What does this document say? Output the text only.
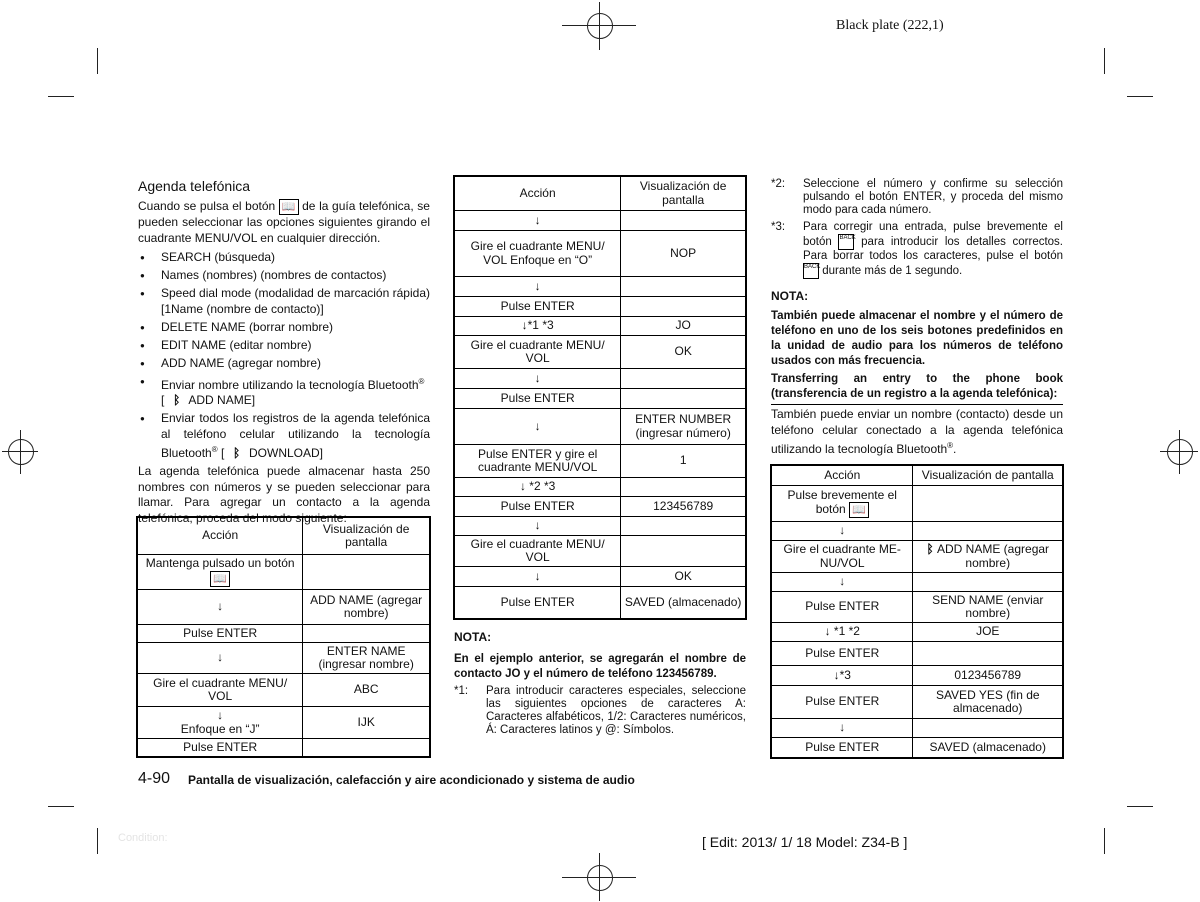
Black plate (222,1)
Agenda telefónica
Cuando se pulsa el botón 📖 de la guía telefónica, se pueden seleccionar las opciones siguientes girando el cuadrante MENU/VOL en cualquier dirección.
● SEARCH (búsqueda)
● Names (nombres) (nombres de contactos)
● Speed dial mode (modalidad de marcación rápida) [1Name (nombre de contacto)]
● DELETE NAME (borrar nombre)
● EDIT NAME (editar nombre)
● ADD NAME (agregar nombre)
● Enviar nombre utilizando la tecnología Bluetooth®
[ ᛒ ADD NAME]
● Enviar todos los registros de la agenda telefónica al teléfono celular utilizando la tecnología Bluetooth® [ ᛒ DOWNLOAD]
La agenda telefónica puede almacenar hasta 250 nombres con números y se pueden seleccionar para llamar. Para agregar un contacto a la agenda telefónica, proceda del modo siguiente:
Acción	Visualización de pantalla
Mantenga pulsado un botón
📖	
↓	ADD NAME (agregar nombre)
Pulse ENTER	
↓	ENTER NAME (ingresar nombre)
Gire el cuadrante MENU/ VOL	ABC
↓
Enfoque en “J”	IJK
Pulse ENTER	
Acción	Visualización de pantalla
↓	
Gire el cuadrante MENU/ VOL Enfoque en “O”	NOP
↓	
Pulse ENTER	
↓*1 *3	JO
Gire el cuadrante MENU/ VOL	OK
↓	
Pulse ENTER	
↓	ENTER NUMBER (ingresar número)
Pulse ENTER y gire el cuadrante MENU/VOL	1
↓ *2 *3	
Pulse ENTER	123456789
↓	
Gire el cuadrante MENU/ VOL	
↓	OK
Pulse ENTER	SAVED (almacenado)
NOTA:
En el ejemplo anterior, se agregarán el nombre de contacto JO y el número de teléfono 123456789.
*1:	Para introducir caracteres especiales, seleccione las siguientes opciones de caracteres A: Caracteres alfabéticos, 1/2: Caracteres numéricos, Á: Caracteres latinos y @: Símbolos.
*2:	Seleccione el número y confirme su selección pulsando el botón ENTER, y proceda del mismo modo para cada número.
*3:	Para corregir una entrada, pulse brevemente el botón BACK para introducir los detalles correctos. Para borrar todos los caracteres, pulse el botón BACK durante más de 1 segundo.
NOTA:
También puede almacenar el nombre y el número de teléfono en uno de los seis botones predefinidos en la unidad de audio para los números de teléfono usados con más frecuencia.
Transferring an entry to the phone book (transferencia de un registro a la agenda telefónica):
También puede enviar un nombre (contacto) desde un teléfono celular conectado a la agenda telefónica utilizando la tecnología Bluetooth®.
Acción	Visualización de pantalla
Pulse brevemente el botón 📖	
↓	
Gire el cuadrante ME- NU/VOL	ᛒ ADD NAME (agregar nombre)
↓	
Pulse ENTER	SEND NAME (enviar nombre)
↓ *1 *2	JOE
Pulse ENTER	
↓*3	0123456789
Pulse ENTER	SAVED YES (fin de almacenado)
↓	
Pulse ENTER	SAVED (almacenado)
4-90 Pantalla de visualización, calefacción y aire acondicionado y sistema de audio
Condition:	[ Edit: 2013/ 1/ 18 Model: Z34-B ]
